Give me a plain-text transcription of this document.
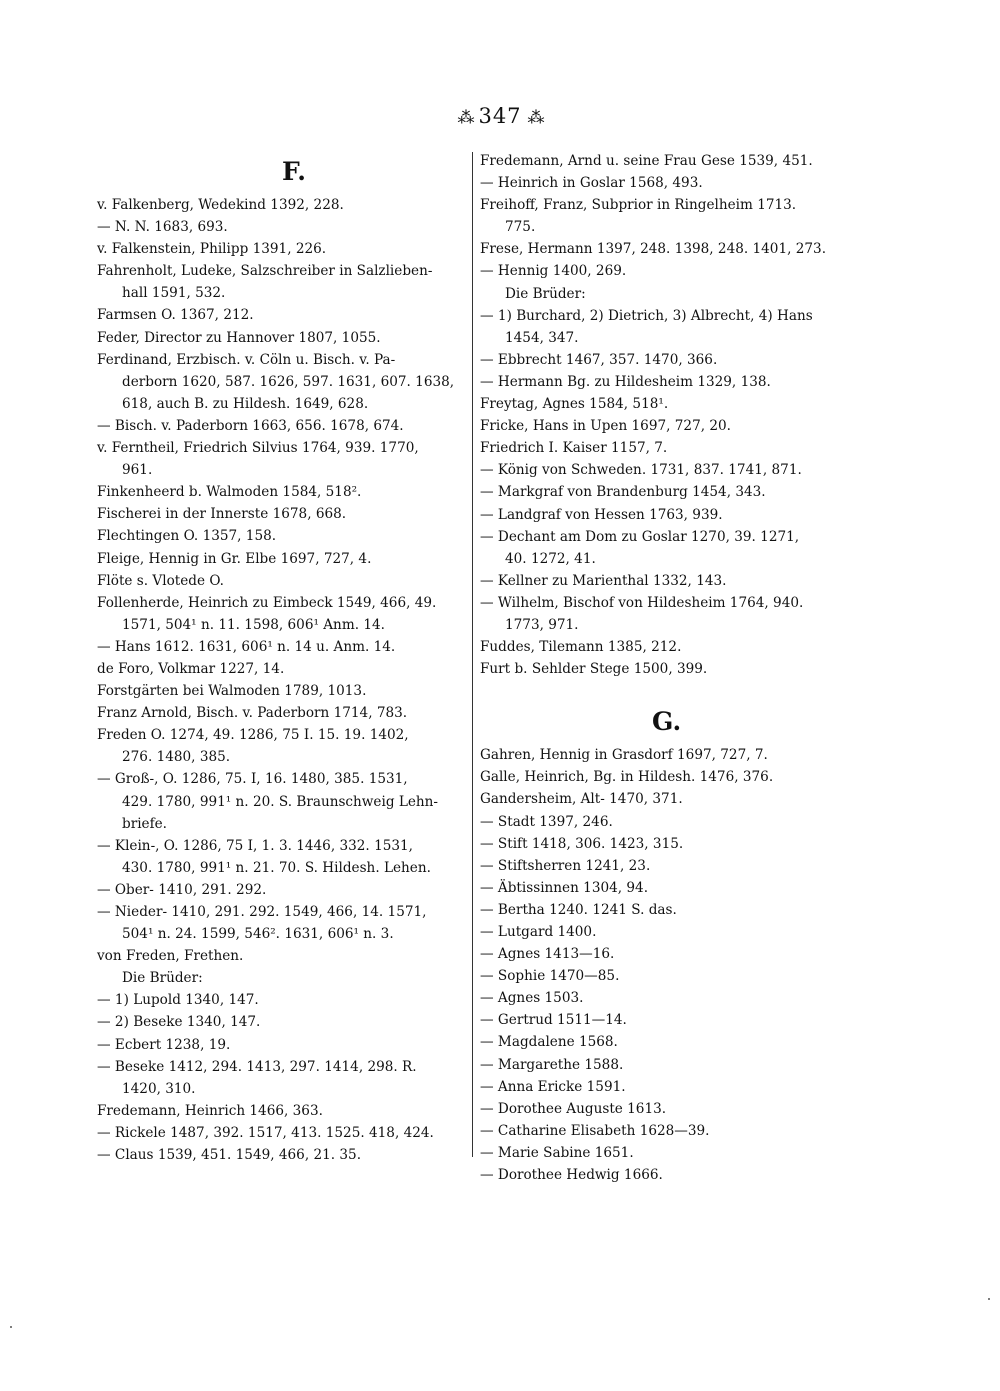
⁂ 347 ⁂
F.
v. Falkenberg, Wedekind 1392, 228.
— N. N. 1683, 693.
v. Falkenstein, Philipp 1391, 226.
Fahrenholt, Ludeke, Salzschreiber in Salzlieben-
hall 1591, 532.
Farmsen O. 1367, 212.
Feder, Director zu Hannover 1807, 1055.
Ferdinand, Erzbisch. v. Cöln u. Bisch. v. Pa-
derborn 1620, 587. 1626, 597. 1631, 607. 1638,
618, auch B. zu Hildesh. 1649, 628.
— Bisch. v. Paderborn 1663, 656. 1678, 674.
v. Ferntheil, Friedrich Silvius 1764, 939. 1770,
961.
Finkenheerd b. Walmoden 1584, 518².
Fischerei in der Innerste 1678, 668.
Flechtingen O. 1357, 158.
Fleige, Hennig in Gr. Elbe 1697, 727, 4.
Flöte s. Vlotede O.
Follenherde, Heinrich zu Eimbeck 1549, 466, 49.
1571, 504¹ n. 11. 1598, 606¹ Anm. 14.
— Hans 1612. 1631, 606¹ n. 14 u. Anm. 14.
de Foro, Volkmar 1227, 14.
Forstgärten bei Walmoden 1789, 1013.
Franz Arnold, Bisch. v. Paderborn 1714, 783.
Freden O. 1274, 49. 1286, 75 I. 15. 19. 1402,
276. 1480, 385.
— Groß-, O. 1286, 75. I, 16. 1480, 385. 1531,
429. 1780, 991¹ n. 20. S. Braunschweig Lehn-
briefe.
— Klein-, O. 1286, 75 I, 1. 3. 1446, 332. 1531,
430. 1780, 991¹ n. 21. 70. S. Hildesh. Lehen.
— Ober- 1410, 291. 292.
— Nieder- 1410, 291. 292. 1549, 466, 14. 1571,
504¹ n. 24. 1599, 546². 1631, 606¹ n. 3.
von Freden, Frethen.
Die Brüder:
— 1) Lupold 1340, 147.
— 2) Beseke 1340, 147.
— Ecbert 1238, 19.
— Beseke 1412, 294. 1413, 297. 1414, 298. R.
1420, 310.
Fredemann, Heinrich 1466, 363.
— Rickele 1487, 392. 1517, 413. 1525. 418, 424.
— Claus 1539, 451. 1549, 466, 21. 35.
Fredemann, Arnd u. seine Frau Gese 1539, 451.
— Heinrich in Goslar 1568, 493.
Freihoff, Franz, Subprior in Ringelheim 1713.
775.
Frese, Hermann 1397, 248. 1398, 248. 1401, 273.
— Hennig 1400, 269.
Die Brüder:
— 1) Burchard, 2) Dietrich, 3) Albrecht, 4) Hans
1454, 347.
— Ebbrecht 1467, 357. 1470, 366.
— Hermann Bg. zu Hildesheim 1329, 138.
Freytag, Agnes 1584, 518¹.
Fricke, Hans in Upen 1697, 727, 20.
Friedrich I. Kaiser 1157, 7.
— König von Schweden. 1731, 837. 1741, 871.
— Markgraf von Brandenburg 1454, 343.
— Landgraf von Hessen 1763, 939.
— Dechant am Dom zu Goslar 1270, 39. 1271,
40. 1272, 41.
— Kellner zu Marienthal 1332, 143.
— Wilhelm, Bischof von Hildesheim 1764, 940.
1773, 971.
Fuddes, Tilemann 1385, 212.
Furt b. Sehlder Stege 1500, 399.
G.
Gahren, Hennig in Grasdorf 1697, 727, 7.
Galle, Heinrich, Bg. in Hildesh. 1476, 376.
Gandersheim, Alt- 1470, 371.
— Stadt 1397, 246.
— Stift 1418, 306. 1423, 315.
— Stiftsherren 1241, 23.
— Äbtissinnen 1304, 94.
— Bertha 1240. 1241 S. das.
— Lutgard 1400.
— Agnes 1413—16.
— Sophie 1470—85.
— Agnes 1503.
— Gertrud 1511—14.
— Magdalene 1568.
— Margarethe 1588.
— Anna Ericke 1591.
— Dorothee Auguste 1613.
— Catharine Elisabeth 1628—39.
— Marie Sabine 1651.
— Dorothee Hedwig 1666.
